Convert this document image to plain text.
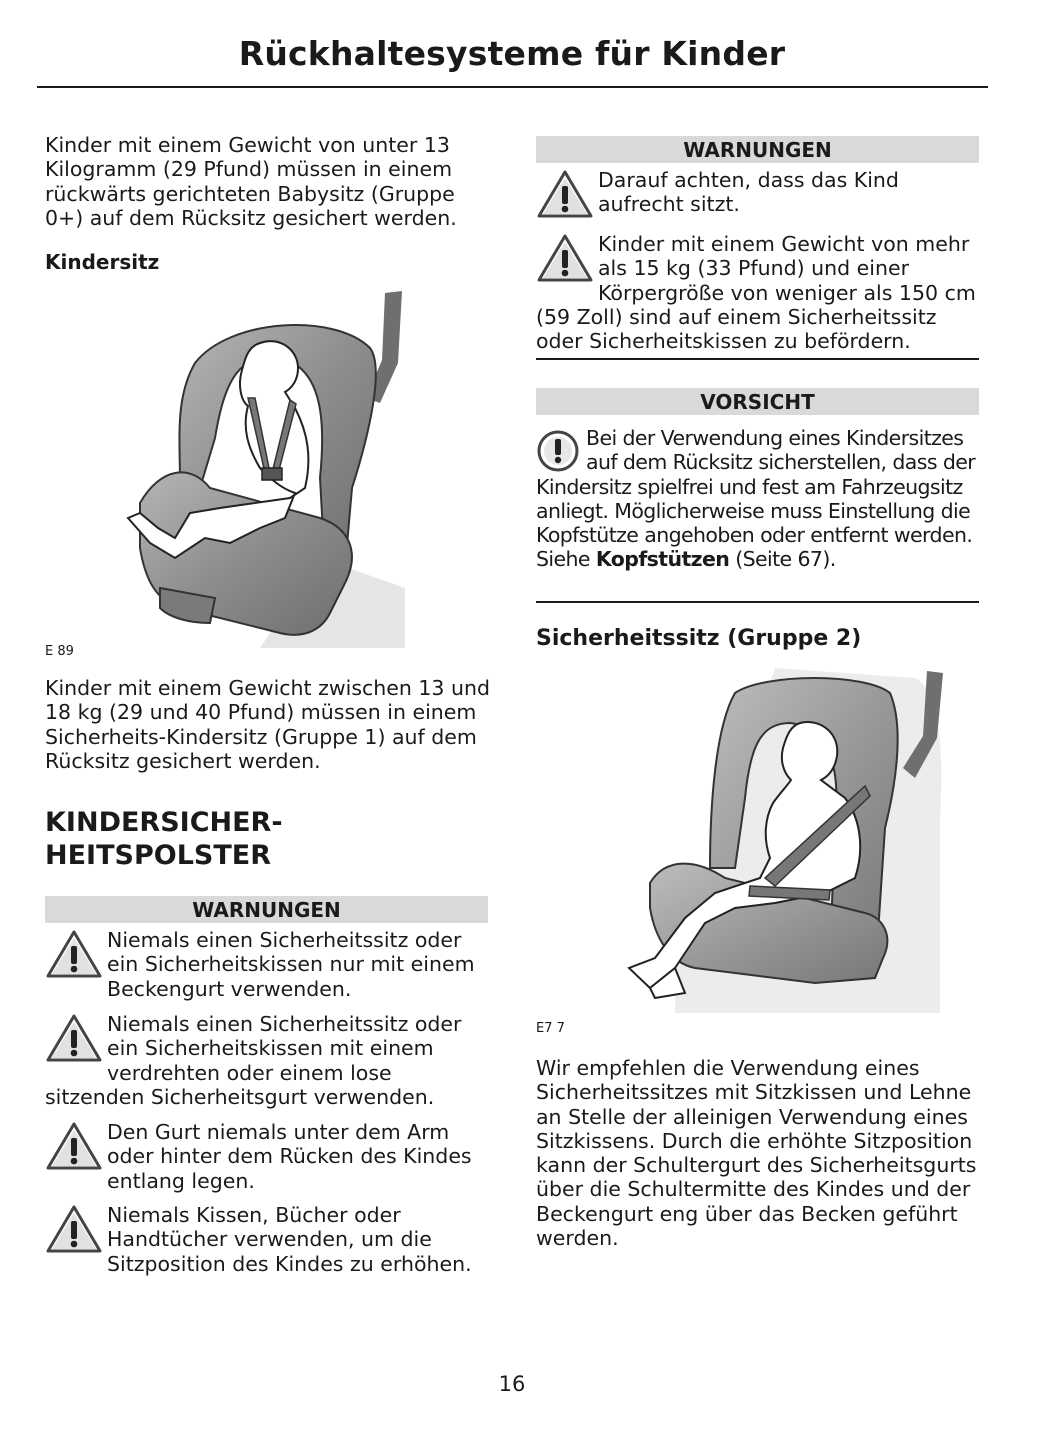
Rückhaltesysteme für Kinder
Kinder mit einem Gewicht von unter 13 Kilogramm (29 Pfund) müssen in einem rückwärts gerichteten Babysitz (Gruppe 0+) auf dem Rücksitz gesichert werden.
Kindersitz
E 89
Kinder mit einem Gewicht zwischen 13 und 18 kg (29 und 40 Pfund) müssen in einem Sicherheits-Kindersitz (Gruppe 1) auf dem Rücksitz gesichert werden.
KINDERSICHER-
HEITSPOLSTER
WARNUNGEN
Niemals einen Sicherheitssitz oder ein Sicherheitskissen nur mit einem Beckengurt verwenden.
Niemals einen Sicherheitssitz oder ein Sicherheitskissen mit einem verdrehten oder einem lose sitzenden Sicherheitsgurt verwenden.
Den Gurt niemals unter dem Arm oder hinter dem Rücken des Kindes entlang legen.
Niemals Kissen, Bücher oder Handtücher verwenden, um die Sitzposition des Kindes zu erhöhen.
WARNUNGEN
Darauf achten, dass das Kind aufrecht sitzt.
Kinder mit einem Gewicht von mehr als 15 kg (33 Pfund) und einer Körpergröße von weniger als 150 cm (59 Zoll) sind auf einem Sicherheitssitz oder Sicherheitskissen zu befördern.
VORSICHT
Bei der Verwendung eines Kindersitzes auf dem Rücksitz sicherstellen, dass der Kindersitz spielfrei und fest am Fahrzeugsitz anliegt. Möglicherweise muss Einstellung die Kopfstütze angehoben oder entfernt werden. Siehe Kopfstützen (Seite 67).
Sicherheitssitz (Gruppe 2)
E7 7
Wir empfehlen die Verwendung eines Sicherheitssitzes mit Sitzkissen und Lehne an Stelle der alleinigen Verwendung eines Sitzkissens. Durch die erhöhte Sitzposition kann der Schultergurt des Sicherheitsgurts über die Schultermitte des Kindes und der Beckengurt eng über das Becken geführt werden.
16
